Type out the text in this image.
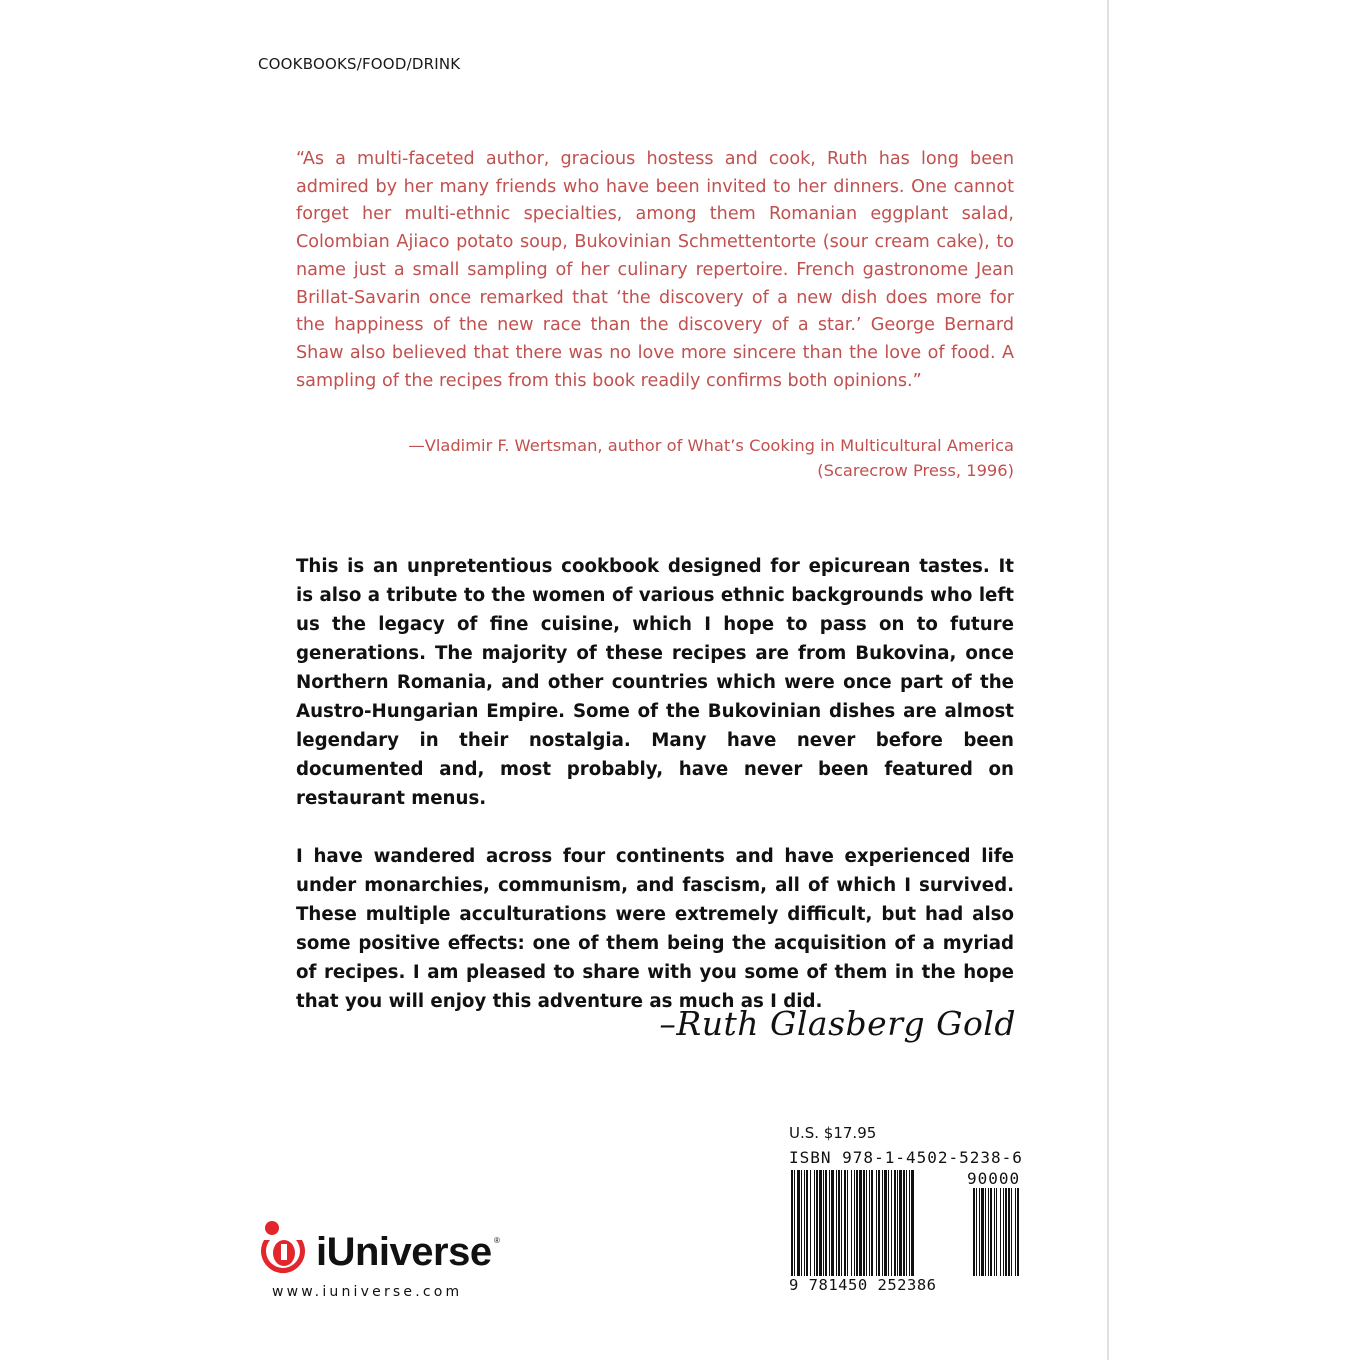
COOKBOOKS/FOOD/DRINK
“As a multi-faceted author, gracious hostess and cook, Ruth has long been admired by her many friends who have been invited to her dinners. One cannot forget her multi-ethnic specialties, among them Romanian eggplant salad, Colombian Ajiaco potato soup, Bukovinian Schmettentorte (sour cream cake), to name just a small sampling of her culinary repertoire. French gastronome Jean Brillat-Savarin once remarked that ‘the discovery of a new dish does more for the happiness of the new race than the discovery of a star.’ George Bernard Shaw also believed that there was no love more sincere than the love of food. A sampling of the recipes from this book readily confirms both opinions.”
—Vladimir F. Wertsman, author of What’s Cooking in Multicultural America
(Scarecrow Press, 1996)

This is an unpretentious cookbook designed for epicurean tastes. It is also a tribute to the women of various ethnic backgrounds who left us the legacy of fine cuisine, which I hope to pass on to future generations. The majority of these recipes are from Bukovina, once Northern Romania, and other countries which were once part of the Austro-Hungarian Empire. Some of the Bukovinian dishes are almost legendary in their nostalgia. Many have never before been documented and, most probably, have never been featured on restaurant menus.

I have wandered across four continents and have experienced life under monarchies, communism, and fascism, all of which I survived. These multiple acculturations were extremely difficult, but had also some positive effects: one of them being the acquisition of a myriad of recipes. I am pleased to share with you some of them in the hope that you will enjoy this adventure as much as I did.

–Ruth Glasberg Gold
U.S. $17.95
ISBN 978-1-4502-5238-6
90000
9 781450 252386
iUniverse ®
www.iuniverse.com
